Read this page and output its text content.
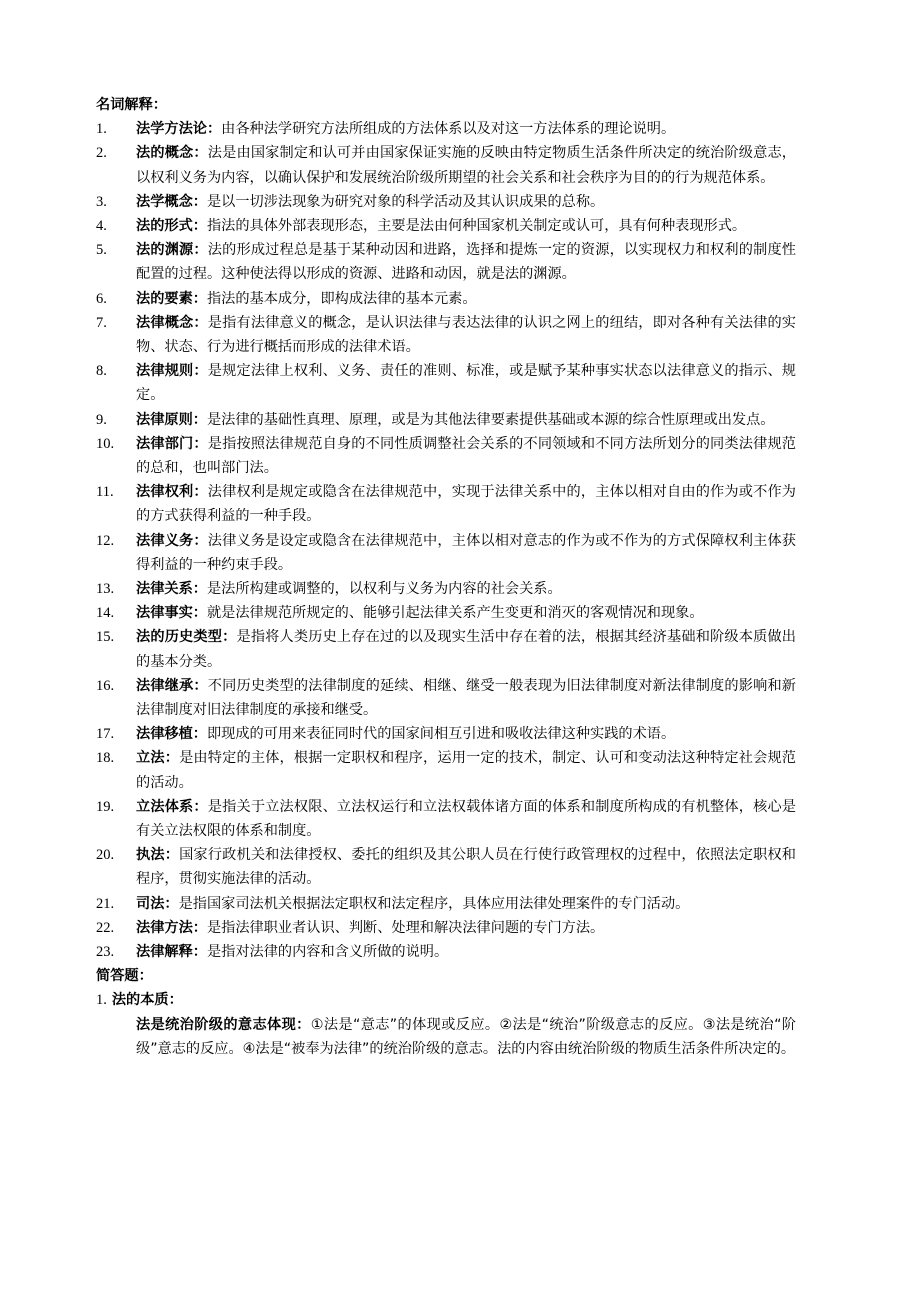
名词解释：
1.	法学方法论：由各种法学研究方法所组成的方法体系以及对这一方法体系的理论说明。
2.	法的概念：法是由国家制定和认可并由国家保证实施的反映由特定物质生活条件所决定的统治阶级意志，以权利义务为内容，以确认保护和发展统治阶级所期望的社会关系和社会秩序为目的的行为规范体系。
3.	法学概念：是以一切涉法现象为研究对象的科学活动及其认识成果的总称。
4.	法的形式：指法的具体外部表现形态，主要是法由何种国家机关制定或认可，具有何种表现形式。
5.	法的渊源：法的形成过程总是基于某种动因和进路，选择和提炼一定的资源，以实现权力和权利的制度性配置的过程。这种使法得以形成的资源、进路和动因，就是法的渊源。
6.	法的要素：指法的基本成分，即构成法律的基本元素。
7.	法律概念：是指有法律意义的概念，是认识法律与表达法律的认识之网上的纽结，即对各种有关法律的实物、状态、行为进行概括而形成的法律术语。
8.	法律规则：是规定法律上权利、义务、责任的准则、标准，或是赋予某种事实状态以法律意义的指示、规定。
9.	法律原则：是法律的基础性真理、原理，或是为其他法律要素提供基础或本源的综合性原理或出发点。
10.	法律部门：是指按照法律规范自身的不同性质调整社会关系的不同领域和不同方法所划分的同类法律规范的总和，也叫部门法。
11.	法律权利：法律权利是规定或隐含在法律规范中，实现于法律关系中的，主体以相对自由的作为或不作为的方式获得利益的一种手段。
12.	法律义务：法律义务是设定或隐含在法律规范中，主体以相对意志的作为或不作为的方式保障权利主体获得利益的一种约束手段。
13.	法律关系：是法所构建或调整的，以权利与义务为内容的社会关系。
14.	法律事实：就是法律规范所规定的、能够引起法律关系产生变更和消灭的客观情况和现象。
15.	法的历史类型：是指将人类历史上存在过的以及现实生活中存在着的法，根据其经济基础和阶级本质做出的基本分类。
16.	法律继承：不同历史类型的法律制度的延续、相继、继受一般表现为旧法律制度对新法律制度的影响和新法律制度对旧法律制度的承接和继受。
17.	法律移植：即现成的可用来表征同时代的国家间相互引进和吸收法律这种实践的术语。
18.	立法：是由特定的主体，根据一定职权和程序，运用一定的技术，制定、认可和变动法这种特定社会规范的活动。
19.	立法体系：是指关于立法权限、立法权运行和立法权载体诸方面的体系和制度所构成的有机整体，核心是有关立法权限的体系和制度。
20.	执法：国家行政机关和法律授权、委托的组织及其公职人员在行使行政管理权的过程中，依照法定职权和程序，贯彻实施法律的活动。
21.	司法：是指国家司法机关根据法定职权和法定程序，具体应用法律处理案件的专门活动。
22.	法律方法：是指法律职业者认识、判断、处理和解决法律问题的专门方法。
23.	法律解释：是指对法律的内容和含义所做的说明。
简答题：
1. 法的本质：
法是统治阶级的意志体现：①法是“意志”的体现或反应。②法是“统治”阶级意志的反应。③法是统治“阶级”意志的反应。④法是“被奉为法律”的统治阶级的意志。法的内容由统治阶级的物质生活条件所决定的。
